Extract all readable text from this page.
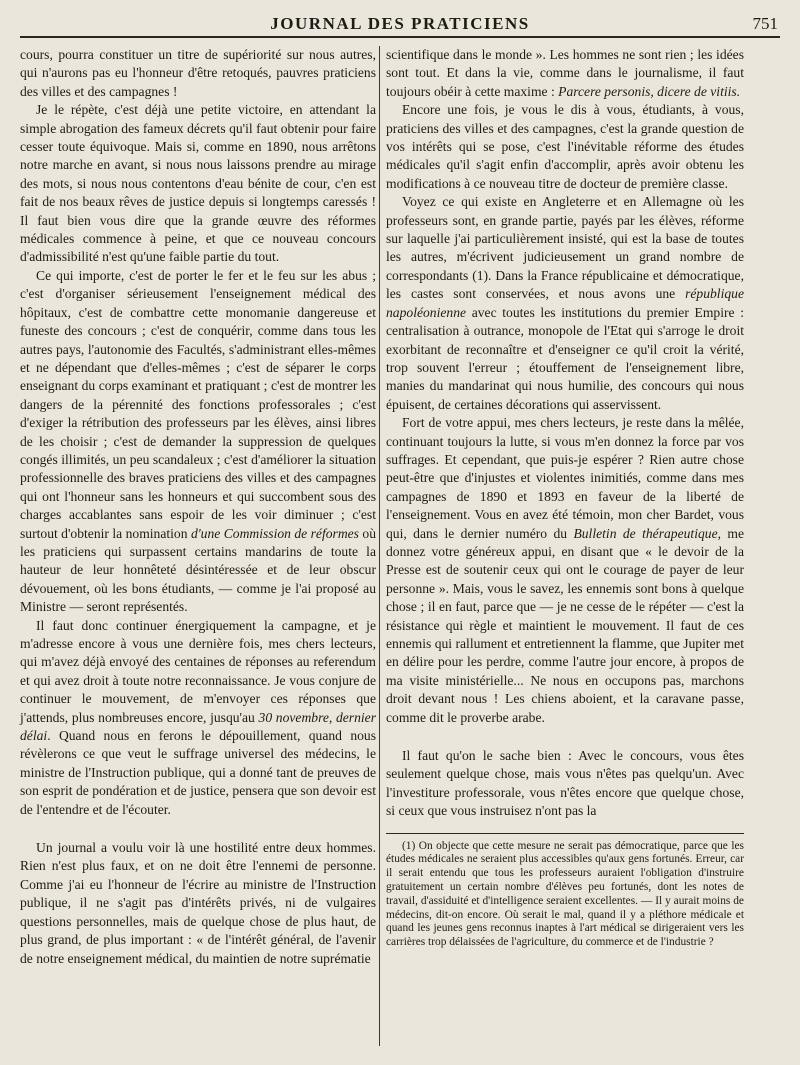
JOURNAL DES PRATICIENS	751

cours, pourra constituer un titre de supériorité sur nous autres, qui n'aurons pas eu l'honneur d'être retoqués, pauvres praticiens des villes et des campagnes !

Je le répète, c'est déjà une petite victoire, en attendant la simple abrogation des fameux décrets qu'il faut obtenir pour faire cesser toute équivoque. Mais si, comme en 1890, nous arrêtons notre marche en avant, si nous nous laissons prendre au mirage des mots, si nous nous contentons d'eau bénite de cour, c'en est fait de nos beaux rêves de justice depuis si longtemps caressés ! Il faut bien vous dire que la grande œuvre des réformes médicales commence à peine, et que ce nouveau concours d'admissibilité n'est qu'une faible partie du tout.

Ce qui importe, c'est de porter le fer et le feu sur les abus ; c'est d'organiser sérieusement l'enseignement médical des hôpitaux, c'est de combattre cette monomanie dangereuse et funeste des concours ; c'est de conquérir, comme dans tous les autres pays, l'autonomie des Facultés, s'administrant elles-mêmes et ne dépendant que d'elles-mêmes ; c'est de séparer le corps enseignant du corps examinant et pratiquant ; c'est de montrer les dangers de la pérennité des fonctions professorales ; c'est d'exiger la rétribution des professeurs par les élèves, ainsi libres de les choisir ; c'est de demander la suppression de quelques congés illimités, un peu scandaleux ; c'est d'améliorer la situation professionnelle des braves praticiens des villes et des campagnes qui ont l'honneur sans les honneurs et qui succombent sous des charges accablantes sans espoir de les voir diminuer ; c'est surtout d'obtenir la nomination d'une Commission de réformes où les praticiens qui surpassent certains mandarins de toute la hauteur de leur honnêteté désintéressée et de leur obscur dévouement, où les bons étudiants, — comme je l'ai proposé au Ministre — seront représentés.

Il faut donc continuer énergiquement la campagne, et je m'adresse encore à vous une dernière fois, mes chers lecteurs, qui m'avez déjà envoyé des centaines de réponses au referendum et qui avez droit à toute notre reconnaissance. Je vous conjure de continuer le mouvement, de m'envoyer ces réponses que j'attends, plus nombreuses encore, jusqu'au 30 novembre, dernier délai. Quand nous en ferons le dépouillement, quand nous révèlerons ce que veut le suffrage universel des médecins, le ministre de l'Instruction publique, qui a donné tant de preuves de son esprit de pondération et de justice, pensera que son devoir est de l'entendre et de l'écouter.

Un journal a voulu voir là une hostilité entre deux hommes. Rien n'est plus faux, et on ne doit être l'ennemi de personne. Comme j'ai eu l'honneur de l'écrire au ministre de l'Instruction publique, il ne s'agit pas d'intérêts privés, ni de vulgaires questions personnelles, mais de quelque chose de plus haut, de plus grand, de plus important : « de l'intérêt général, de l'avenir de notre enseignement médical, du maintien de notre suprématie

scientifique dans le monde ». Les hommes ne sont rien ; les idées sont tout. Et dans la vie, comme dans le journalisme, il faut toujours obéir à cette maxime : Parcere personis, dicere de vitiis.

Encore une fois, je vous le dis à vous, étudiants, à vous, praticiens des villes et des campagnes, c'est la grande question de vos intérêts qui se pose, c'est l'inévitable réforme des études médicales qu'il s'agit enfin d'accomplir, après avoir obtenu les modifications à ce nouveau titre de docteur de première classe.

Voyez ce qui existe en Angleterre et en Allemagne où les professeurs sont, en grande partie, payés par les élèves, réforme sur laquelle j'ai particulièrement insisté, qui est la base de toutes les autres, m'écrivent judicieusement un grand nombre de correspondants (1). Dans la France républicaine et démocratique, les castes sont conservées, et nous avons une république napoléonienne avec toutes les institutions du premier Empire : centralisation à outrance, monopole de l'Etat qui s'arroge le droit exorbitant de reconnaître et d'enseigner ce qu'il croit la vérité, trop souvent l'erreur ; étouffement de l'enseignement libre, manies du mandarinat qui nous humilie, des concours qui nous épuisent, de certaines décorations qui asservissent.

Fort de votre appui, mes chers lecteurs, je reste dans la mêlée, continuant toujours la lutte, si vous m'en donnez la force par vos suffrages. Et cependant, que puis-je espérer ? Rien autre chose peut-être que d'injustes et violentes inimitiés, comme dans mes campagnes de 1890 et 1893 en faveur de la liberté de l'enseignement. Vous en avez été témoin, mon cher Bardet, vous qui, dans le dernier numéro du Bulletin de thérapeutique, me donnez votre généreux appui, en disant que « le devoir de la Presse est de soutenir ceux qui ont le courage de payer de leur personne ». Mais, vous le savez, les ennemis sont bons à quelque chose ; il en faut, parce que — je ne cesse de le répéter — c'est la résistance qui règle et maintient le mouvement. Il faut de ces ennemis qui rallument et entretiennent la flamme, que Jupiter met en délire pour les perdre, comme l'autre jour encore, à propos de ma visite ministérielle... Ne nous en occupons pas, marchons droit devant nous ! Les chiens aboient, et la caravane passe, comme dit le proverbe arabe.

Il faut qu'on le sache bien : Avec le concours, vous êtes seulement quelque chose, mais vous n'êtes pas quelqu'un. Avec l'investiture professorale, vous n'êtes encore que quelque chose, si ceux que vous instruisez n'ont pas la

(1) On objecte que cette mesure ne serait pas démocratique, parce que les études médicales ne seraient plus accessibles qu'aux gens fortunés. Erreur, car il serait entendu que tous les professeurs auraient l'obligation d'instruire gratuitement un certain nombre d'élèves peu fortunés, dont les notes de travail, d'assiduité et d'intelligence seraient excellentes. — Il y aurait moins de médecins, dit-on encore. Où serait le mal, quand il y a pléthore médicale et quand les jeunes gens reconnus inaptes à l'art médical se dirigeraient vers les carrières trop délaissées de l'agriculture, du commerce et de l'industrie ?
